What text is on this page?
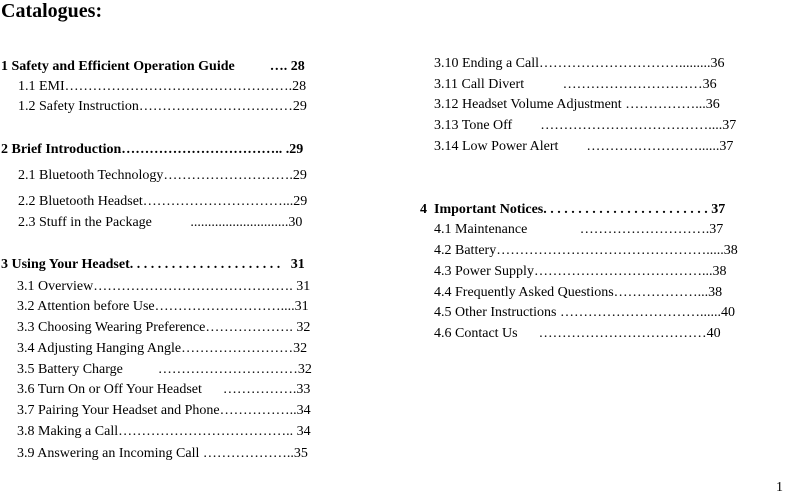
Catalogues:
1 Safety and Efficient Operation Guide          …. 28
1.1 EMI………………………………………….28
1.2 Safety Instruction……………………………29
2 Brief Introduction…………………………….. .29
2.1 Bluetooth Technology……………………….29
2.2 Bluetooth Headset…………………………...29
2.3 Stuff in the Package           ............................30
3 Using Your Headset. . . . . . . . . . . . . . . . . . . . . .   31
3.1 Overview……………………………………. 31
3.2 Attention before Use………………………....31
3.3 Choosing Wearing Preference………………. 32
3.4 Adjusting Hanging Angle……………………32
3.5 Battery Charge          …………………………32
3.6 Turn On or Off Your Headset      …………….33
3.7 Pairing Your Headset and Phone……………..34
3.8 Making a Call……………………………….. 34
3.9 Answering an Incoming Call ………………..35
3.10 Ending a Call………………………….........36
3.11 Call Divert           …………………………36
3.12 Headset Volume Adjustment ……………...36
3.13 Tone Off        ………………………………....37
3.14 Low Power Alert        ……………………......37
4  Important Notices. . . . . . . . . . . . . . . . . . . . . . . . 37
4.1 Maintenance               ……………………….37
4.2 Battery……………………………………….....38
4.3 Power Supply………………………………...38
4.4 Frequently Asked Questions………………...38
4.5 Other Instructions …………………………......40
4.6 Contact Us      ………………………………40
1
